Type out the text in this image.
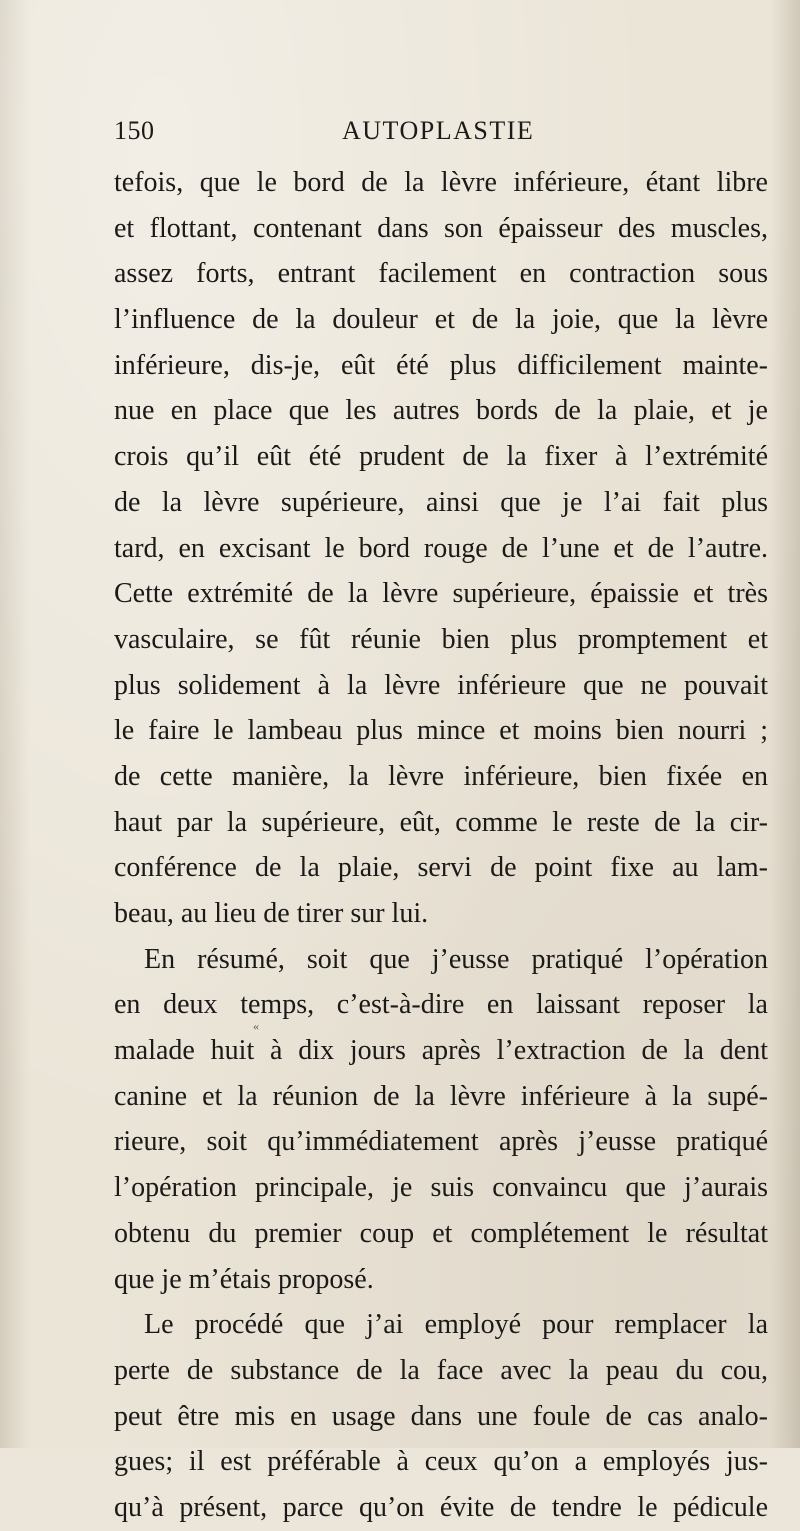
150	AUTOPLASTIE
tefois, que le bord de la lèvre inférieure, étant libre
et flottant, contenant dans son épaisseur des muscles,
assez forts, entrant facilement en contraction sous
l’influence de la douleur et de la joie, que la lèvre
inférieure, dis-je, eût été plus difficilement mainte-
nue en place que les autres bords de la plaie, et je
crois qu’il eût été prudent de la fixer à l’extrémité
de la lèvre supérieure, ainsi que je l’ai fait plus
tard, en excisant le bord rouge de l’une et de l’autre.
Cette extrémité de la lèvre supérieure, épaissie et très
vasculaire, se fût réunie bien plus promptement et
plus solidement à la lèvre inférieure que ne pouvait
le faire le lambeau plus mince et moins bien nourri ;
de cette manière, la lèvre inférieure, bien fixée en
haut par la supérieure, eût, comme le reste de la cir-
conférence de la plaie, servi de point fixe au lam-
beau, au lieu de tirer sur lui.
En résumé, soit que j’eusse pratiqué l’opération
en deux temps, c’est-à-dire en laissant reposer la
malade huit à dix jours après l’extraction de la dent
canine et la réunion de la lèvre inférieure à la supé-
rieure, soit qu’immédiatement après j’eusse pratiqué
l’opération principale, je suis convaincu que j’aurais
obtenu du premier coup et complétement le résultat
que je m’étais proposé.
Le procédé que j’ai employé pour remplacer la
perte de substance de la face avec la peau du cou,
peut être mis en usage dans une foule de cas analo-
gues; il est préférable à ceux qu’on a employés jus-
qu’à présent, parce qu’on évite de tendre le pédicule
«
